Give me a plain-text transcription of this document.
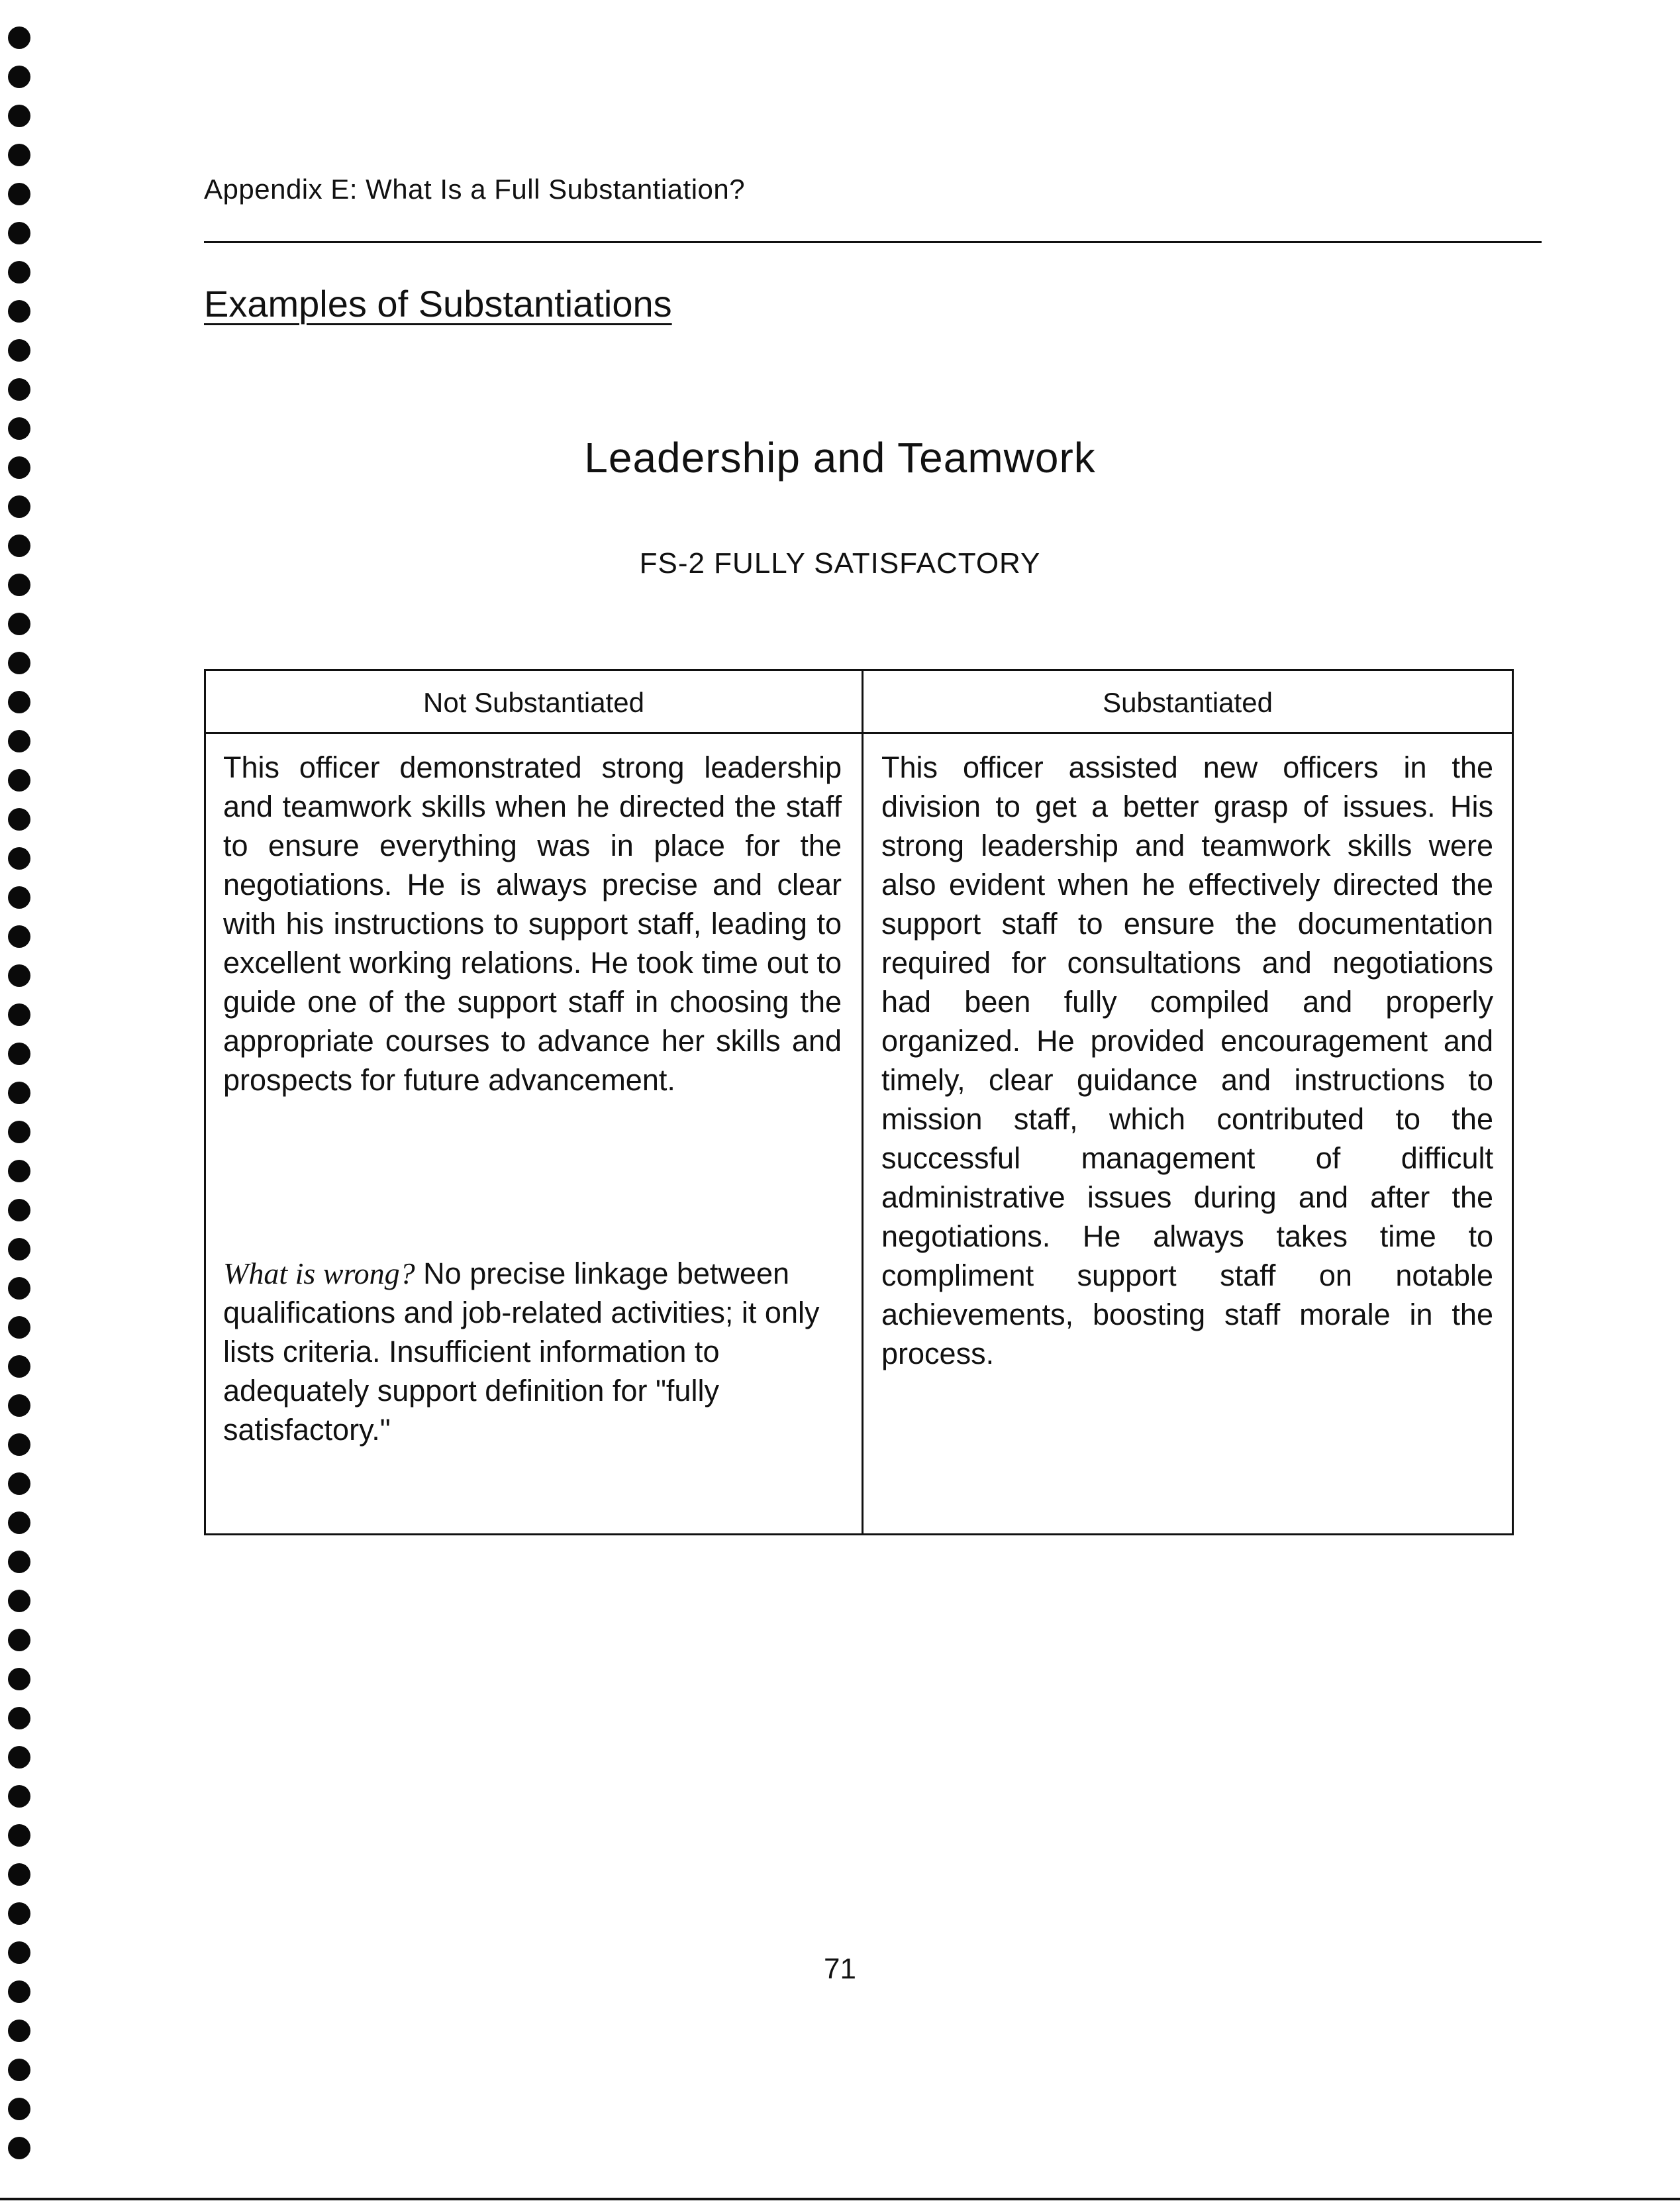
Appendix E: What Is a Full Substantiation?
Examples of Substantiations
Leadership and Teamwork
FS-2 FULLY SATISFACTORY
Not Substantiated	Substantiated
This officer demonstrated strong leadership and teamwork skills when he directed the staff to ensure everything was in place for the negotiations. He is always precise and clear with his instructions to support staff, leading to excellent working relations. He took time out to guide one of the support staff in choosing the appropriate courses to advance her skills and prospects for future advancement.
What is wrong? No precise linkage between qualifications and job-related activities; it only lists criteria. Insufficient information to adequately support definition for "fully satisfactory."
This officer assisted new officers in the division to get a better grasp of issues. His strong leadership and teamwork skills were also evident when he effectively directed the support staff to ensure the documentation required for consultations and negotiations had been fully compiled and properly organized. He provided encouragement and timely, clear guidance and instructions to mission staff, which contributed to the successful management of difficult administrative issues during and after the negotiations. He always takes time to compliment support staff on notable achievements, boosting staff morale in the process.
71
